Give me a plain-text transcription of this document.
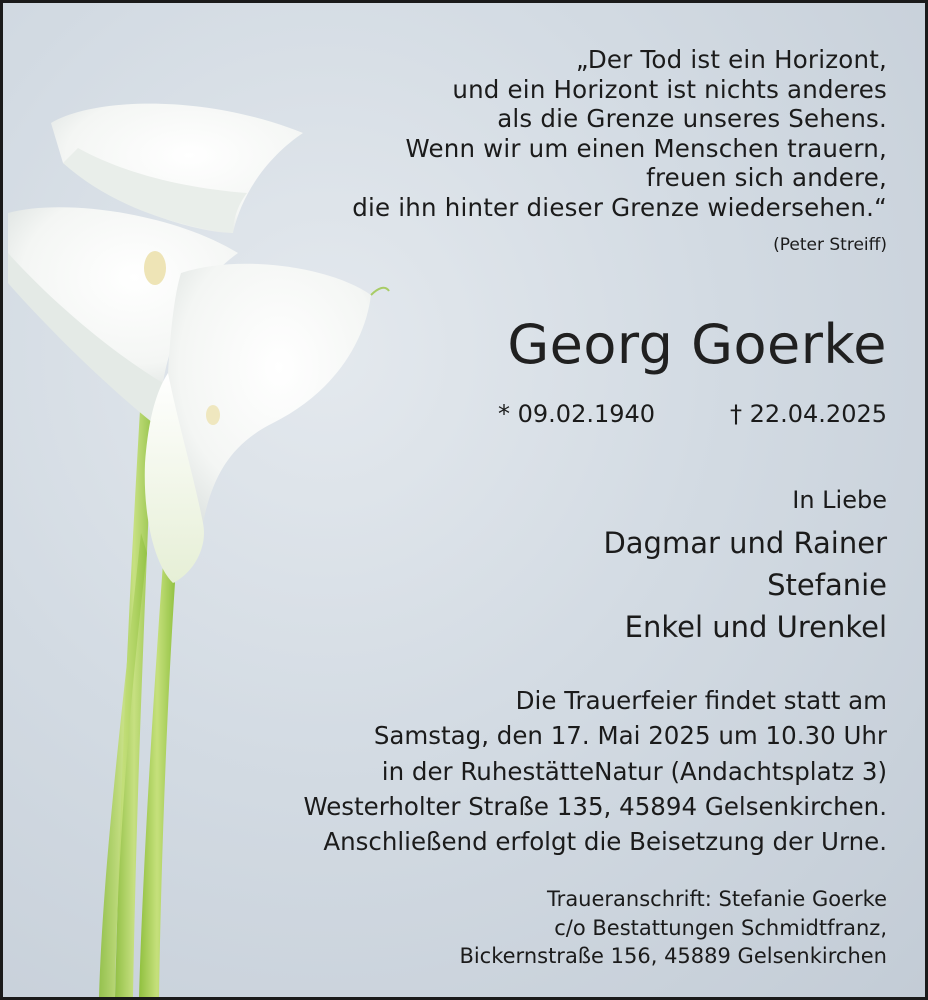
„Der Tod ist ein Horizont,
und ein Horizont ist nichts anderes
als die Grenze unseres Sehens.
Wenn wir um einen Menschen trauern,
freuen sich andere,
die ihn hinter dieser Grenze wiedersehen.“
(Peter Streiff)
Georg Goerke
* 09.02.1940	† 22.04.2025
In Liebe
Dagmar und Rainer
Stefanie
Enkel und Urenkel
Die Trauerfeier findet statt am
Samstag, den 17. Mai 2025 um 10.30 Uhr
in der RuhestätteNatur (Andachtsplatz 3)
Westerholter Straße 135, 45894 Gelsenkirchen.
Anschließend erfolgt die Beisetzung der Urne.
Traueranschrift: Stefanie Goerke
c/o Bestattungen Schmidtfranz,
Bickernstraße 156, 45889 Gelsenkirchen
